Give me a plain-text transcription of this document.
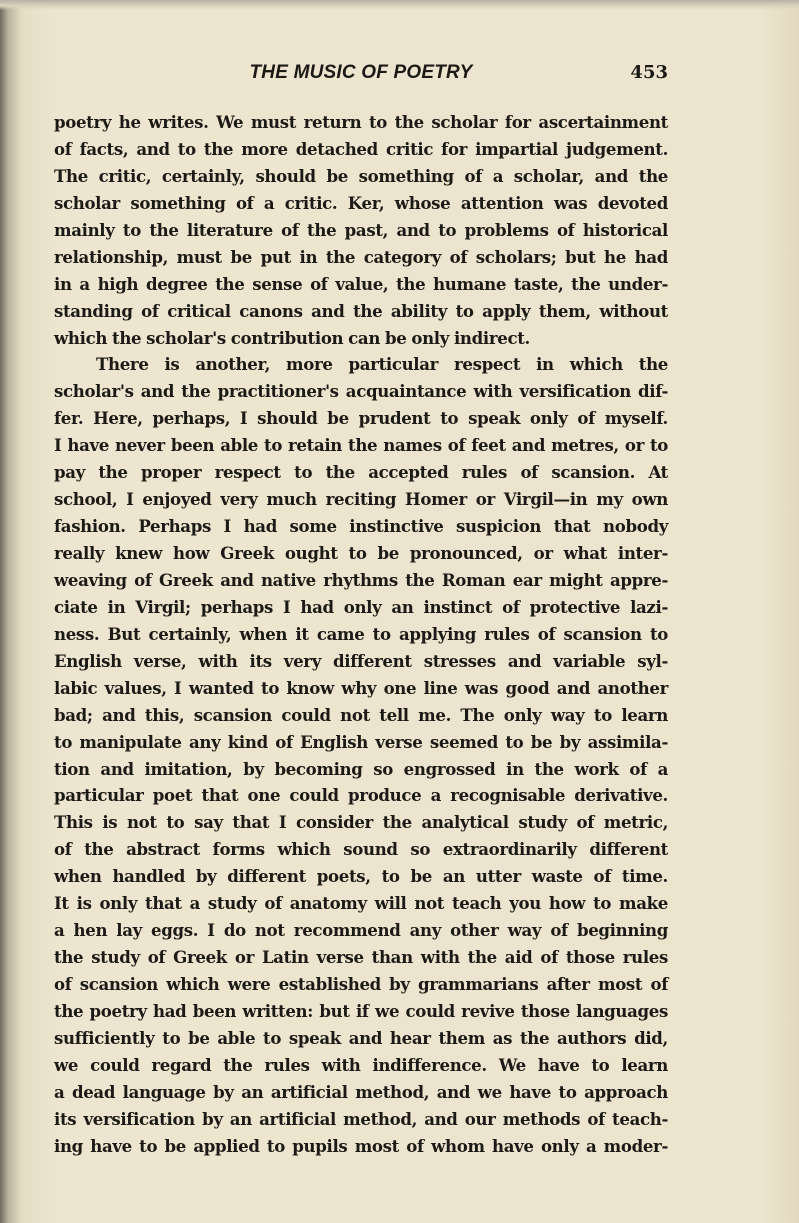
THE MUSIC OF POETRY	453
poetry he writes. We must return to the scholar for ascertainment
of facts, and to the more detached critic for impartial judgement.
The critic, certainly, should be something of a scholar, and the
scholar something of a critic. Ker, whose attention was devoted
mainly to the literature of the past, and to problems of historical
relationship, must be put in the category of scholars; but he had
in a high degree the sense of value, the humane taste, the under-
standing of critical canons and the ability to apply them, without
which the scholar's contribution can be only indirect.
There is another, more particular respect in which the
scholar's and the practitioner's acquaintance with versification dif-
fer. Here, perhaps, I should be prudent to speak only of myself.
I have never been able to retain the names of feet and metres, or to
pay the proper respect to the accepted rules of scansion. At
school, I enjoyed very much reciting Homer or Virgil—in my own
fashion. Perhaps I had some instinctive suspicion that nobody
really knew how Greek ought to be pronounced, or what inter-
weaving of Greek and native rhythms the Roman ear might appre-
ciate in Virgil; perhaps I had only an instinct of protective lazi-
ness. But certainly, when it came to applying rules of scansion to
English verse, with its very different stresses and variable syl-
labic values, I wanted to know why one line was good and another
bad; and this, scansion could not tell me. The only way to learn
to manipulate any kind of English verse seemed to be by assimila-
tion and imitation, by becoming so engrossed in the work of a
particular poet that one could produce a recognisable derivative.
This is not to say that I consider the analytical study of metric,
of the abstract forms which sound so extraordinarily different
when handled by different poets, to be an utter waste of time.
It is only that a study of anatomy will not teach you how to make
a hen lay eggs. I do not recommend any other way of beginning
the study of Greek or Latin verse than with the aid of those rules
of scansion which were established by grammarians after most of
the poetry had been written: but if we could revive those languages
sufficiently to be able to speak and hear them as the authors did,
we could regard the rules with indifference. We have to learn
a dead language by an artificial method, and we have to approach
its versification by an artificial method, and our methods of teach-
ing have to be applied to pupils most of whom have only a moder-
